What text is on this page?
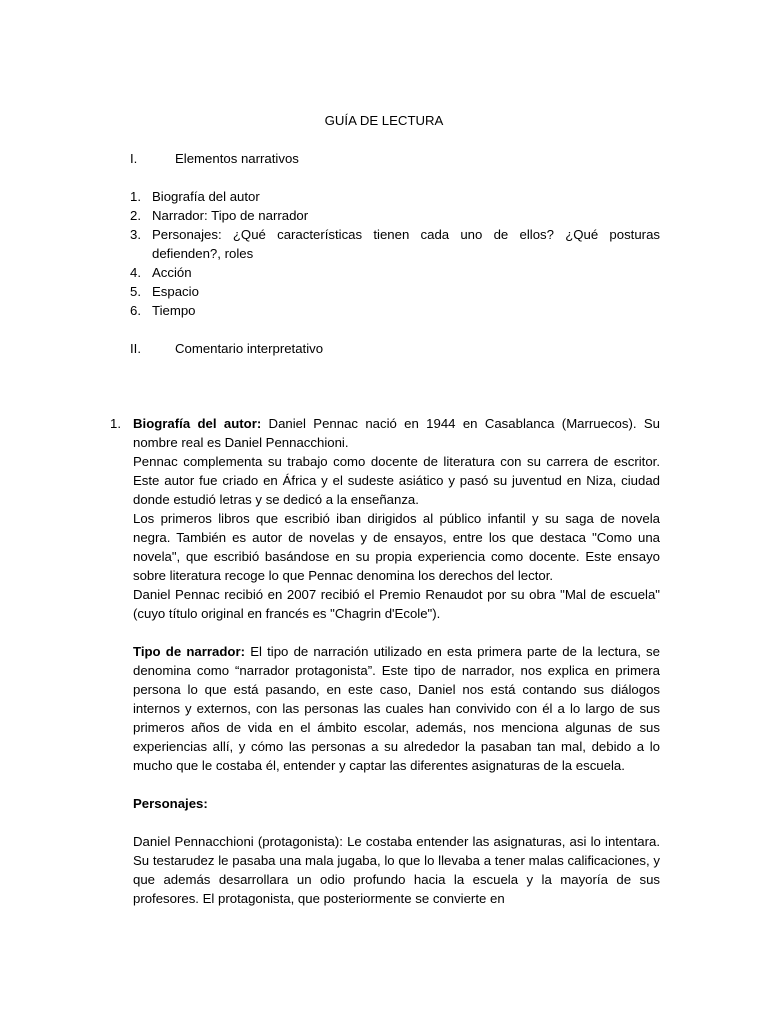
GUÍA DE LECTURA
I.	Elementos narrativos
1. Biografía del autor
2. Narrador: Tipo de narrador
3. Personajes: ¿Qué características tienen cada uno de ellos? ¿Qué posturas defienden?, roles
4. Acción
5. Espacio
6. Tiempo
II.	Comentario interpretativo

1. Biografía del autor: Daniel Pennac nació en 1944 en Casablanca (Marruecos). Su nombre real es Daniel Pennacchioni.

Pennac complementa su trabajo como docente de literatura con su carrera de escritor. Este autor fue criado en África y el sudeste asiático y pasó su juventud en Niza, ciudad donde estudió letras y se dedicó a la enseñanza.

Los primeros libros que escribió iban dirigidos al público infantil y su saga de novela negra. También es autor de novelas y de ensayos, entre los que destaca "Como una novela", que escribió basándose en su propia experiencia como docente. Este ensayo sobre literatura recoge lo que Pennac denomina los derechos del lector.

Daniel Pennac recibió en 2007 recibió el Premio Renaudot por su obra "Mal de escuela" (cuyo título original en francés es "Chagrin d'Ecole").

Tipo de narrador: El tipo de narración utilizado en esta primera parte de la lectura, se denomina como “narrador protagonista”. Este tipo de narrador, nos explica en primera persona lo que está pasando, en este caso, Daniel nos está contando sus diálogos internos y externos, con las personas las cuales han convivido con él a lo largo de sus primeros años de vida en el ámbito escolar, además, nos menciona algunas de sus experiencias allí, y cómo las personas a su alrededor la pasaban tan mal, debido a lo mucho que le costaba él, entender y captar las diferentes asignaturas de la escuela.

Personajes:

Daniel Pennacchioni (protagonista): Le costaba entender las asignaturas, asi lo intentara. Su testarudez le pasaba una mala jugaba, lo que lo llevaba a tener malas calificaciones, y que además desarrollara un odio profundo hacia la escuela y la mayoría de sus profesores. El protagonista, que posteriormente se convierte en
